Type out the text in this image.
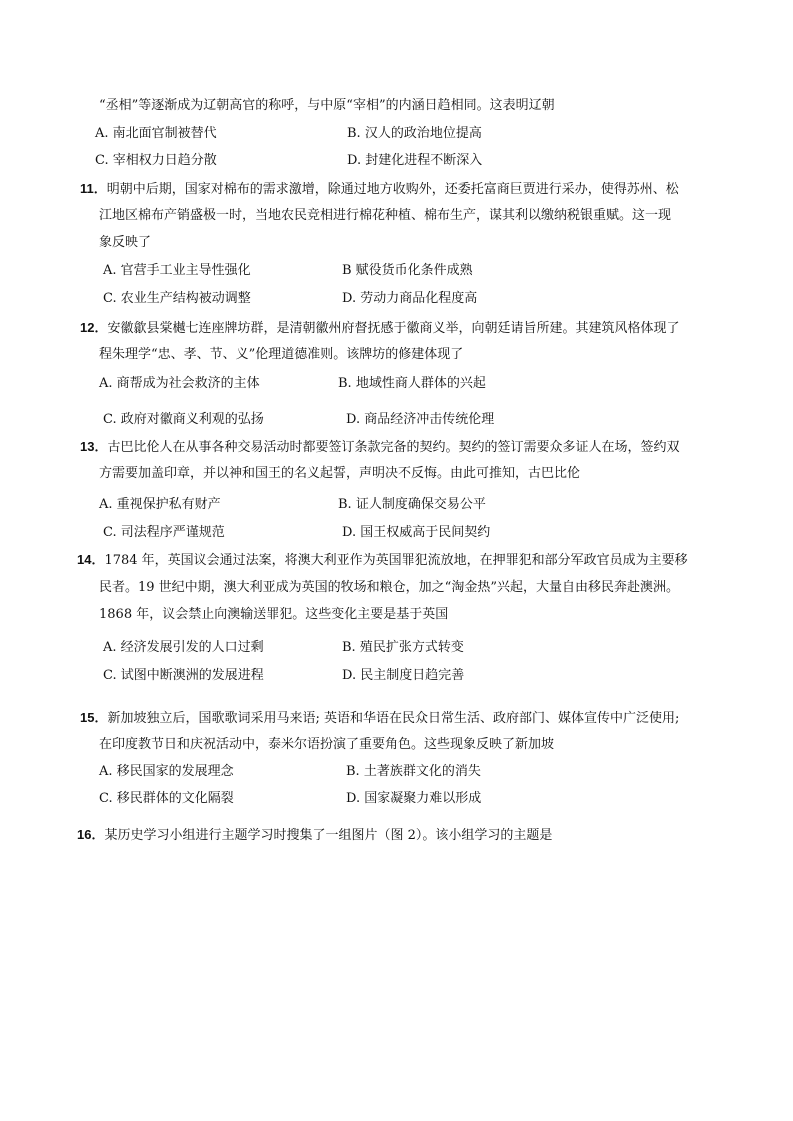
“丞相”等逐渐成为辽朝高官的称呼，与中原“宰相”的内涵日趋相同。这表明辽朝
A. 南北面官制被替代	B. 汉人的政治地位提高
C. 宰相权力日趋分散	D. 封建化进程不断深入
11．明朝中后期，国家对棉布的需求激增，除通过地方收购外，还委托富商巨贾进行采办，使得苏州、松
江地区棉布产销盛极一时，当地农民竞相进行棉花种植、棉布生产，谋其利以缴纳税银重赋。这一现
象反映了
A. 官营手工业主导性强化	B 赋役货币化条件成熟
C. 农业生产结构被动调整	D. 劳动力商品化程度高
12．安徽歙县棠樾七连座牌坊群，是清朝徽州府督抚感于徽商义举，向朝廷请旨所建。其建筑风格体现了
程朱理学“忠、孝、节、义”伦理道德准则。该牌坊的修建体现了
A. 商帮成为社会救济的主体	B. 地域性商人群体的兴起
C. 政府对徽商义利观的弘扬	D. 商品经济冲击传统伦理
13．古巴比伦人在从事各种交易活动时都要签订条款完备的契约。契约的签订需要众多证人在场，签约双
方需要加盖印章，并以神和国王的名义起誓，声明决不反悔。由此可推知，古巴比伦
A. 重视保护私有财产	B. 证人制度确保交易公平
C. 司法程序严谨规范	D. 国王权威高于民间契约
14．1784 年，英国议会通过法案，将澳大利亚作为英国罪犯流放地，在押罪犯和部分军政官员成为主要移
民者。19 世纪中期，澳大利亚成为英国的牧场和粮仓，加之“淘金热”兴起，大量自由移民奔赴澳洲。
1868 年，议会禁止向澳输送罪犯。这些变化主要是基于英国
A. 经济发展引发的人口过剩	B. 殖民扩张方式转变
C. 试图中断澳洲的发展进程	D. 民主制度日趋完善
15．新加坡独立后，国歌歌词采用马来语; 英语和华语在民众日常生活、政府部门、媒体宣传中广泛使用;
在印度教节日和庆祝活动中，泰米尔语扮演了重要角色。这些现象反映了新加坡
A. 移民国家的发展理念	B. 土著族群文化的消失
C. 移民群体的文化隔裂	D. 国家凝聚力难以形成
16．某历史学习小组进行主题学习时搜集了一组图片（图 2）。该小组学习的主题是
